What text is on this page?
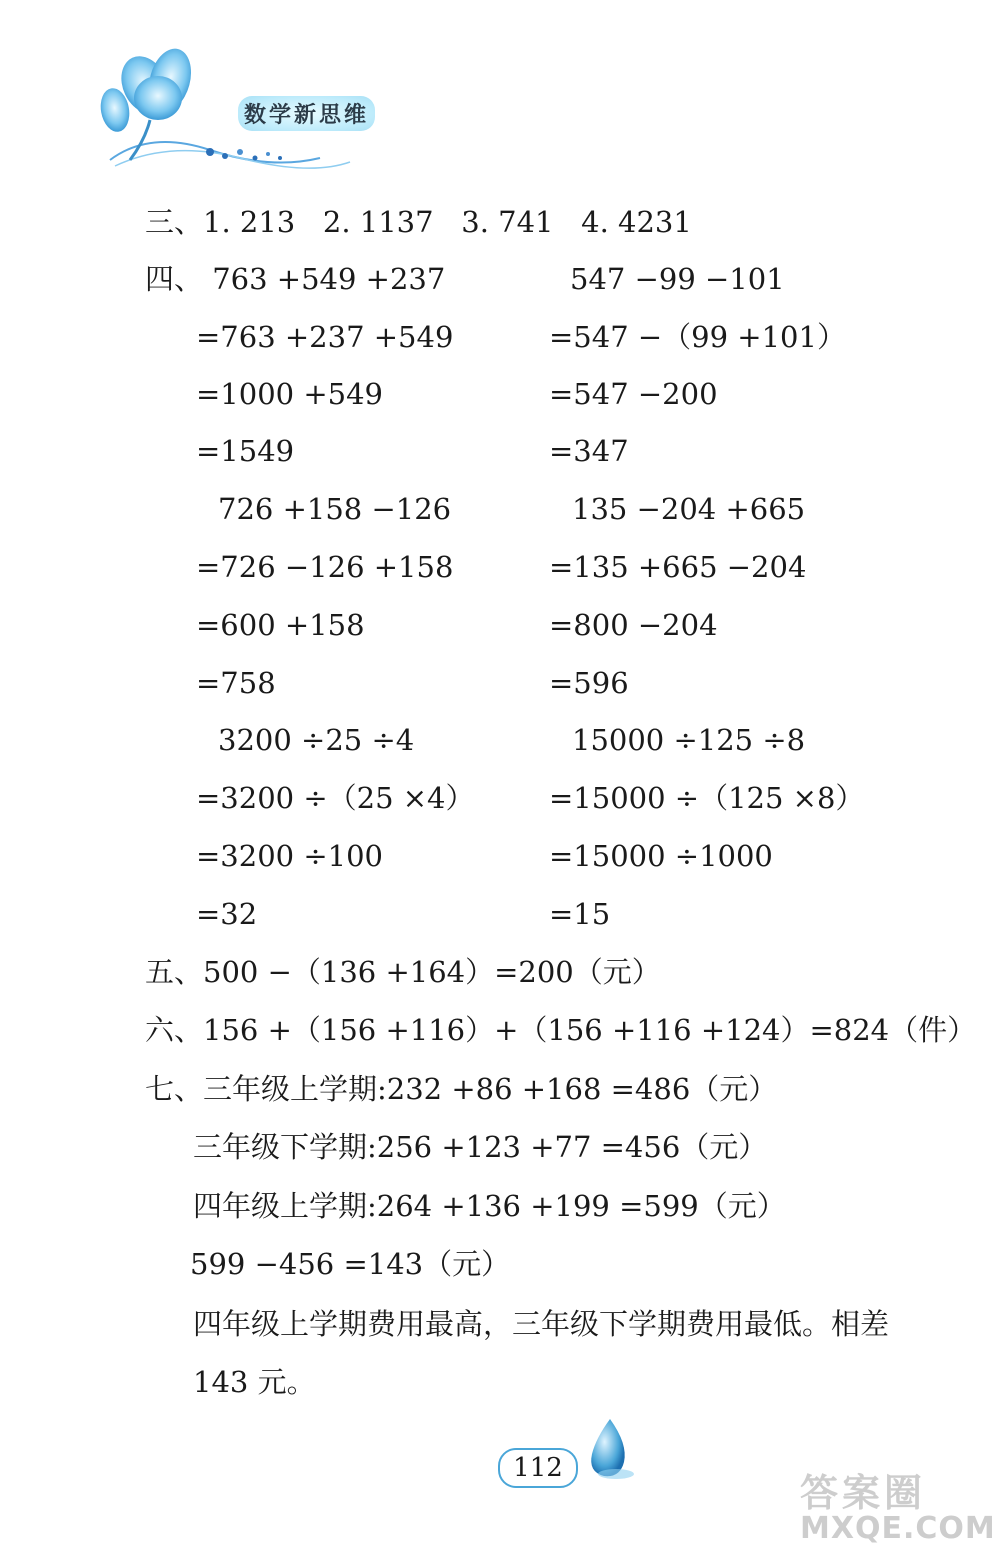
数学新思维
三、1. 213   2. 1137   3. 741   4. 4231
四、 763 +549 +237	547 −99 −101
=763 +237 +549	=547 −（99 +101）
=1000 +549	=547 −200
=1549	=347
726 +158 −126	135 −204 +665
=726 −126 +158	=135 +665 −204
=600 +158	=800 −204
=758	=596
3200 ÷25 ÷4	15000 ÷125 ÷8
=3200 ÷（25 ×4）	=15000 ÷（125 ×8）
=3200 ÷100	=15000 ÷1000
=32	=15
五、500 −（136 +164）=200（元）
六、156 +（156 +116）+（156 +116 +124）=824（件）
七、三年级上学期:232 +86 +168 =486（元）
三年级下学期:256 +123 +77 =456（元）
四年级上学期:264 +136 +199 =599（元）
599 −456 =143（元）
四年级上学期费用最高，三年级下学期费用最低。相差
143 元。
112
答案圈
MXQE.COM
